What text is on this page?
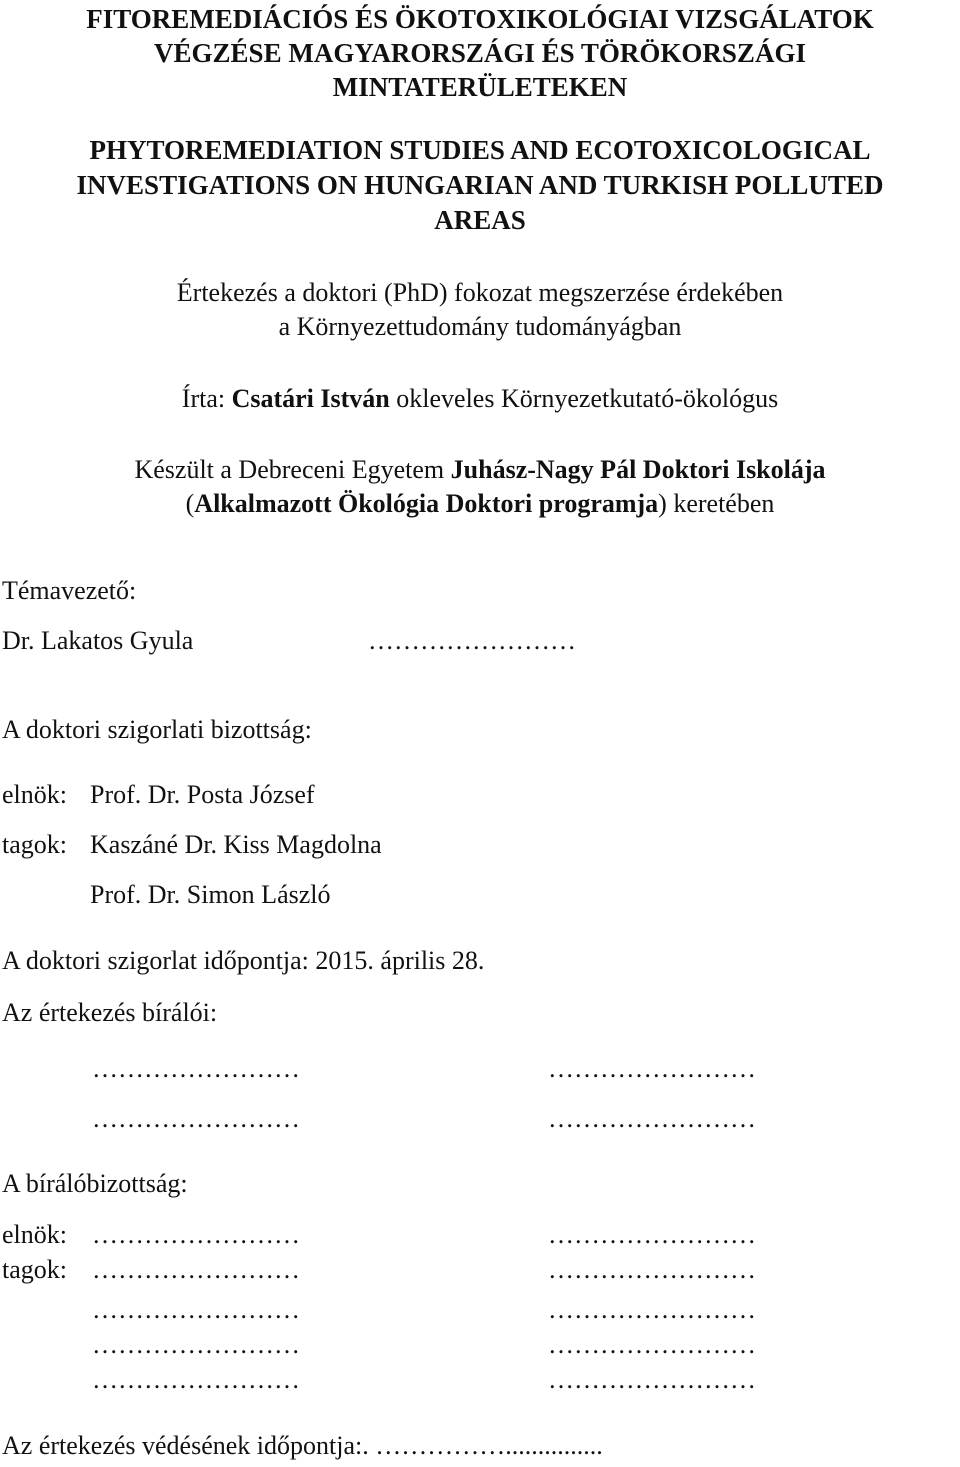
FITOREMEDIÁCIÓS ÉS ÖKOTOXIKOLÓGIAI VIZSGÁLATOK
VÉGZÉSE MAGYARORSZÁGI ÉS TÖRÖKORSZÁGI
MINTATERÜLETEKEN
PHYTOREMEDIATION STUDIES AND ECOTOXICOLOGICAL
INVESTIGATIONS ON HUNGARIAN AND TURKISH POLLUTED
AREAS
Értekezés a doktori (PhD) fokozat megszerzése érdekében
a Környezettudomány tudományágban
Írta: Csatári István okleveles Környezetkutató-ökológus
Készült a Debreceni Egyetem Juhász-Nagy Pál Doktori Iskolája
(Alkalmazott Ökológia Doktori programja) keretében
Témavezető:
Dr. Lakatos Gyula	……………………
A doktori szigorlati bizottság:
elnök: Prof. Dr. Posta József
tagok: Kaszáné Dr. Kiss Magdolna
Prof. Dr. Simon László
A doktori szigorlat időpontja: 2015. április 28.
Az értekezés bírálói:
……………………	……………………
……………………	……………………
A bírálóbizottság:
elnök: ……………………	……………………
tagok: ……………………	……………………
……………………	……………………
……………………	……………………
……………………	……………………
Az értekezés védésének időpontja:. ……………...............
